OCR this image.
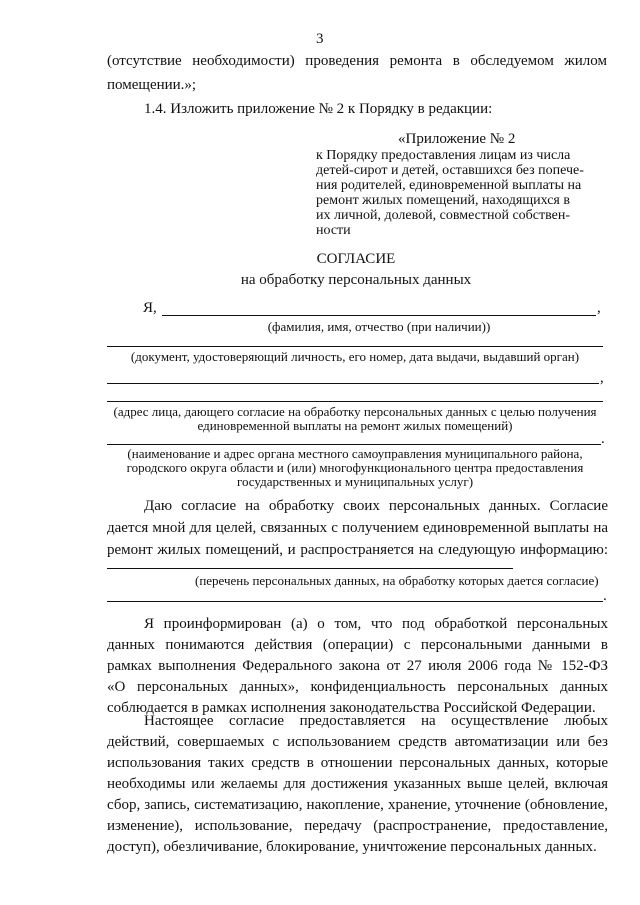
3
(отсутствие необходимости) проведения ремонта в обследуемом жилом
помещении.»;
1.4. Изложить приложение № 2 к Порядку в редакции:
«Приложение № 2
к Порядку предоставления лицам из числа
детей-сирот и детей, оставшихся без попече-
ния родителей, единовременной выплаты на
ремонт жилых помещений, находящихся в
их личной, долевой, совместной собствен-
ности
СОГЛАСИЕ
на обработку персональных данных
Я,	,
(фамилия, имя, отчество (при наличии))
(документ, удостоверяющий личность, его номер, дата выдачи, выдавший орган)
,
(адрес лица, дающего согласие на обработку персональных данных с целью получения
единовременной выплаты на ремонт жилых помещений)
.
(наименование и адрес органа местного самоуправления муниципального района,
городского округа области и (или) многофункционального центра предоставления
государственных и муниципальных услуг)
Даю согласие на обработку своих персональных данных. Согласие
дается мной для целей, связанных с получением единовременной выплаты на
ремонт жилых помещений, и распространяется на следующую информацию:
(перечень персональных данных, на обработку которых дается согласие)
.
Я проинформирован (а) о том, что под обработкой персональных
данных понимаются действия (операции) с персональными данными в
рамках выполнения Федерального закона от 27 июля 2006 года № 152-ФЗ
«О персональных данных», конфиденциальность персональных данных
соблюдается в рамках исполнения законодательства Российской Федерации.
Настоящее согласие предоставляется на осуществление любых
действий, совершаемых с использованием средств автоматизации или без
использования таких средств в отношении персональных данных, которые
необходимы или желаемы для достижения указанных выше целей, включая
сбор, запись, систематизацию, накопление, хранение, уточнение (обновление,
изменение), использование, передачу (распространение, предоставление,
доступ), обезличивание, блокирование, уничтожение персональных данных.
